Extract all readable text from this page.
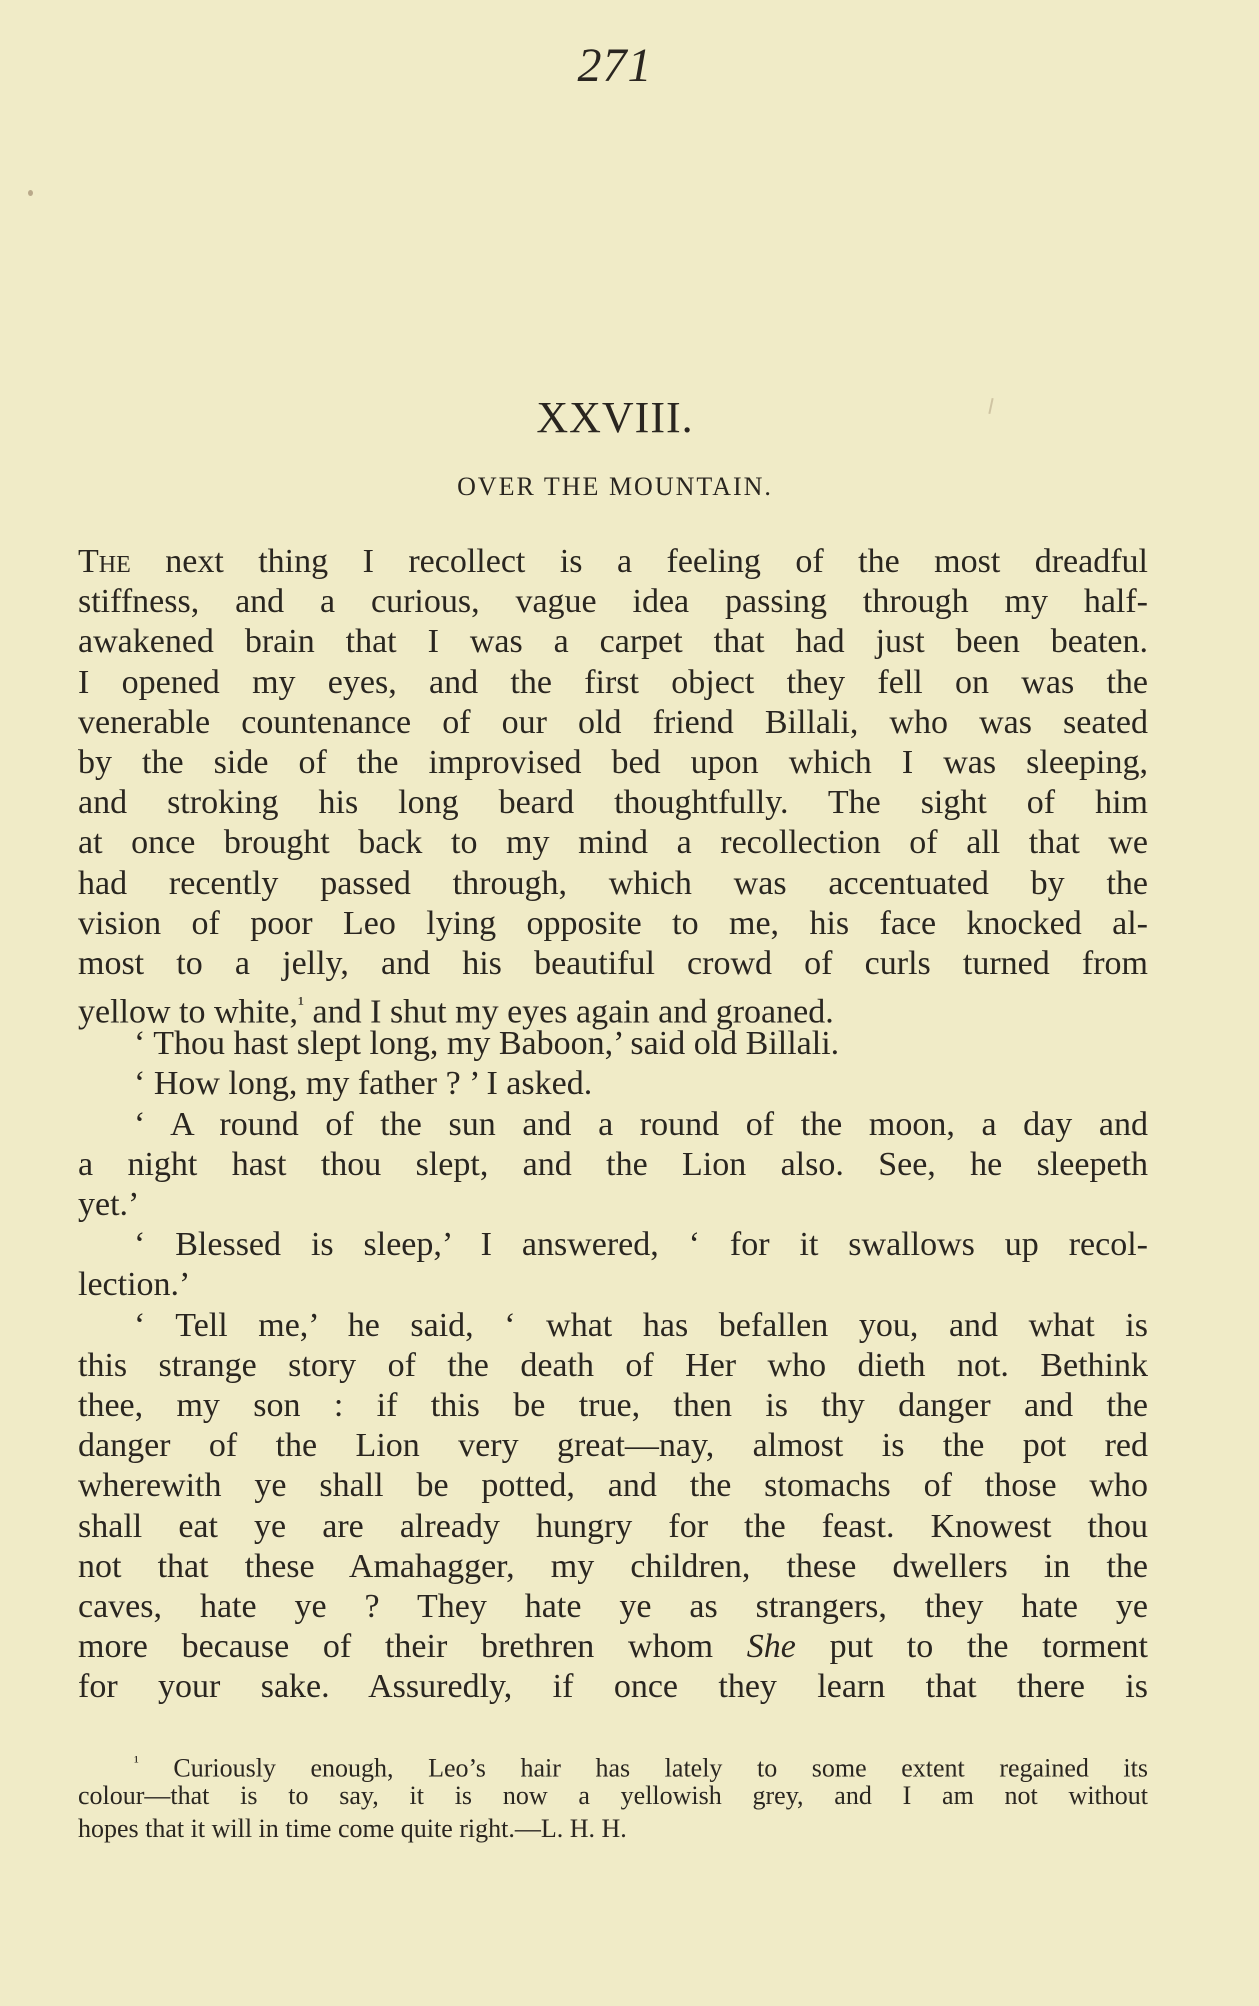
271
XXVIII.
OVER THE MOUNTAIN.
The next thing I recollect is a feeling of the most dreadful
stiffness, and a curious, vague idea passing through my half-
awakened brain that I was a carpet that had just been beaten.
I opened my eyes, and the first object they fell on was the
venerable countenance of our old friend Billali, who was seated
by the side of the improvised bed upon which I was sleeping,
and stroking his long beard thoughtfully. The sight of him
at once brought back to my mind a recollection of all that we
had recently passed through, which was accentuated by the
vision of poor Leo lying opposite to me, his face knocked al-
most to a jelly, and his beautiful crowd of curls turned from
yellow to white,$^{^1}$ and I shut my eyes again and groaned.
‘ Thou hast slept long, my Baboon,’ said old Billali.
‘ How long, my father ? ’ I asked.
‘ A round of the sun and a round of the moon, a day and
a night hast thou slept, and the Lion also. See, he sleepeth
yet.’
‘ Blessed is sleep,’ I answered, ‘ for it swallows up recol-
lection.’
‘ Tell me,’ he said, ‘ what has befallen you, and what is
this strange story of the death of Her who dieth not. Bethink
thee, my son : if this be true, then is thy danger and the
danger of the Lion very great—nay, almost is the pot red
wherewith ye shall be potted, and the stomachs of those who
shall eat ye are already hungry for the feast. Knowest thou
not that these Amahagger, my children, these dwellers in the
caves, hate ye ? They hate ye as strangers, they hate ye
more because of their brethren whom She put to the torment
for your sake. Assuredly, if once they learn that there is
$^{^1}$ Curiously enough, Leo’s hair has lately to some extent regained its
colour—that is to say, it is now a yellowish grey, and I am not without
hopes that it will in time come quite right.—L. H. H.
